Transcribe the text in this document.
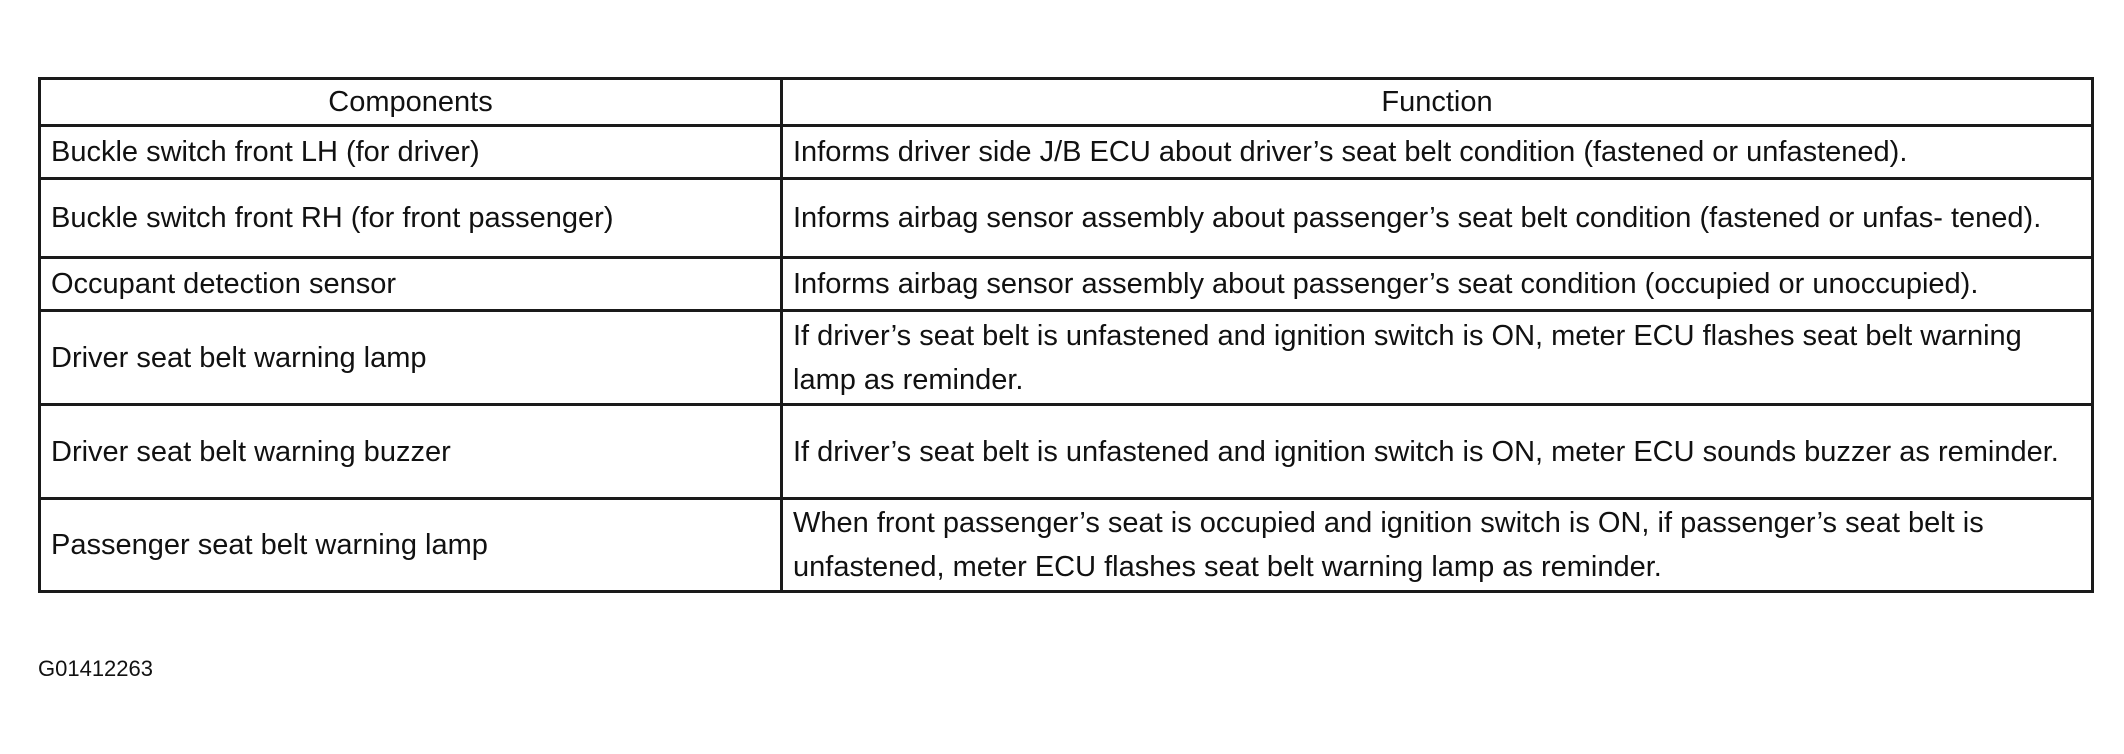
Components	Function
Buckle switch front LH (for driver)	Informs driver side J/B ECU about driver’s seat belt condition (fastened or unfastened).
Buckle switch front RH (for front passenger)	Informs airbag sensor assembly about passenger’s seat belt condition (fastened or unfas- tened).
Occupant detection sensor	Informs airbag sensor assembly about passenger’s seat condition (occupied or unoccupied).
Driver seat belt warning lamp	If driver’s seat belt is unfastened and ignition switch is ON, meter ECU flashes seat belt warning lamp as reminder.
Driver seat belt warning buzzer	If driver’s seat belt is unfastened and ignition switch is ON, meter ECU sounds buzzer as reminder.
Passenger seat belt warning lamp	When front passenger’s seat is occupied and ignition switch is ON, if passenger’s seat belt is unfastened, meter ECU flashes seat belt warning lamp as reminder.
G01412263
